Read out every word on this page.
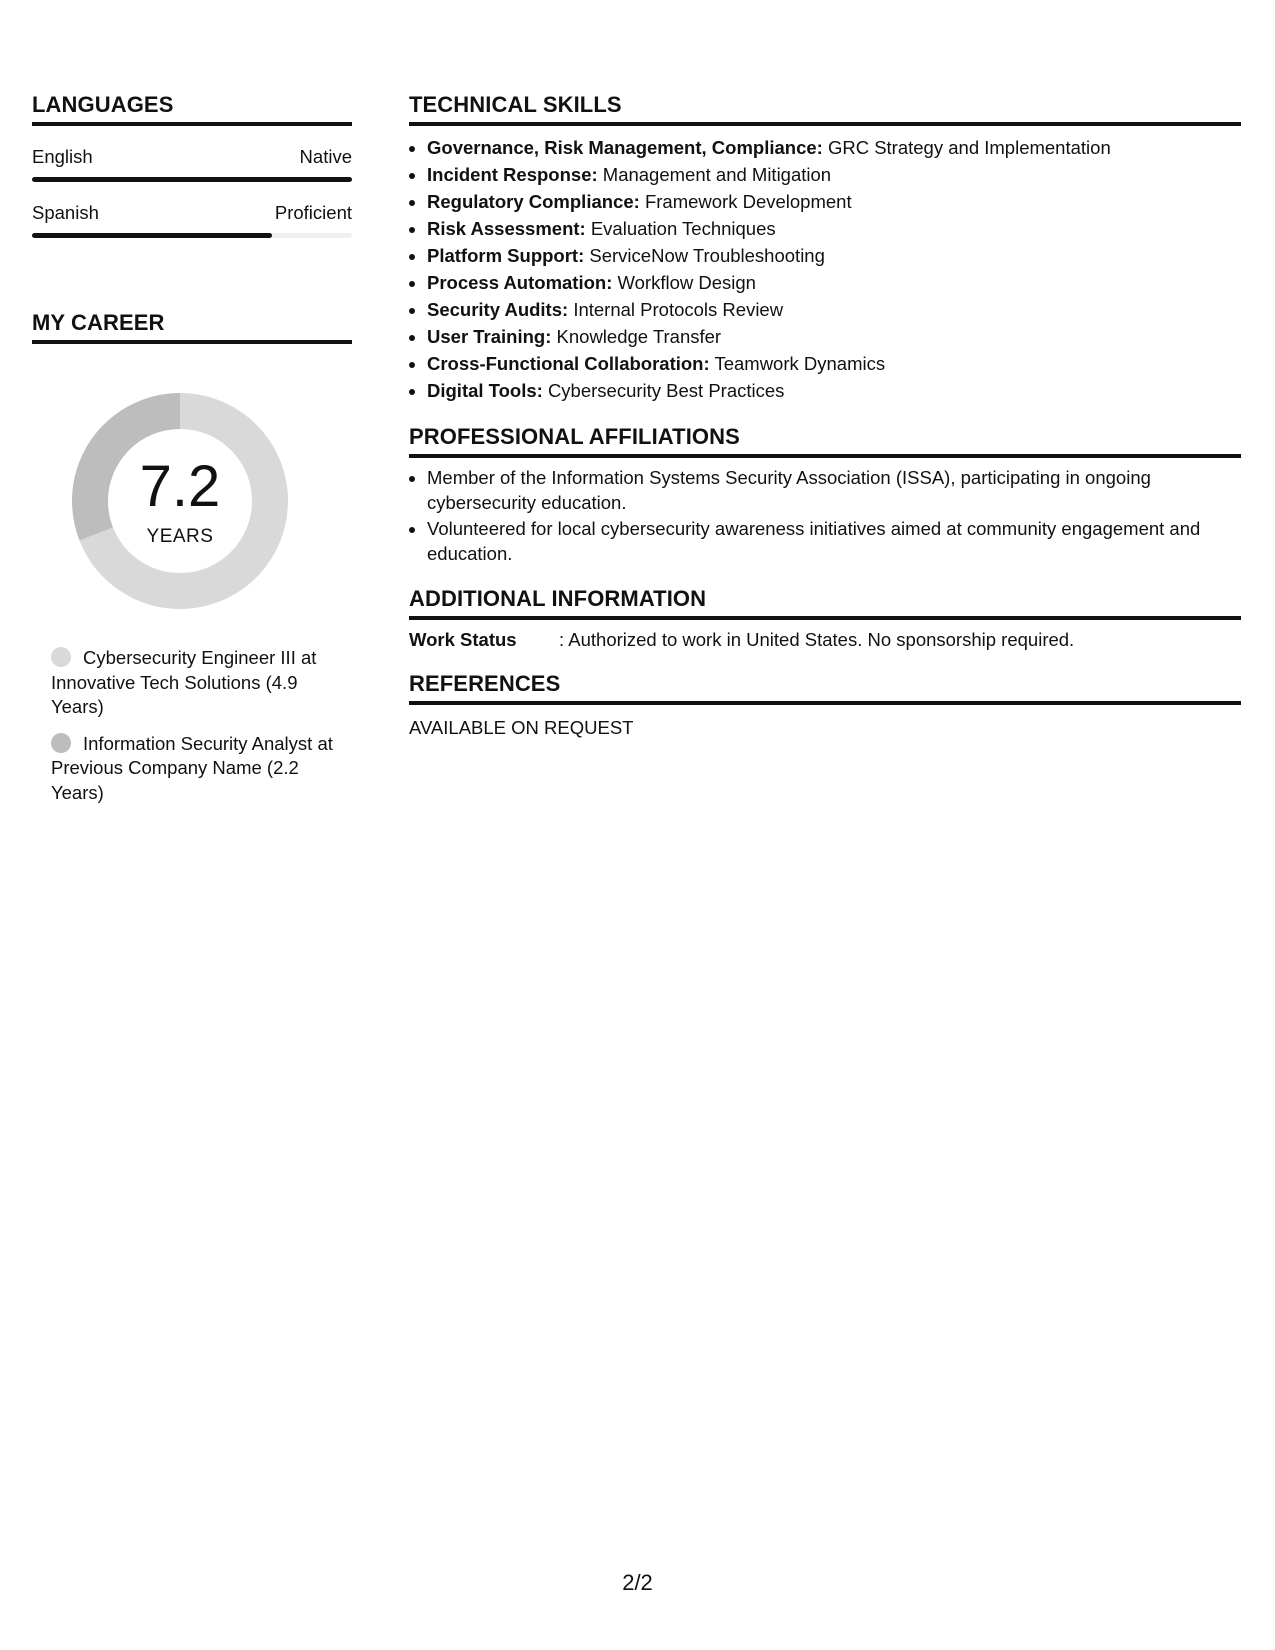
LANGUAGES
English	Native
Spanish	Proficient
MY CAREER
7.2
YEARS
Cybersecurity Engineer III at Innovative Tech Solutions (4.9 Years)
Information Security Analyst at Previous Company Name (2.2 Years)
TECHNICAL SKILLS
• Governance, Risk Management, Compliance: GRC Strategy and Implementation
• Incident Response: Management and Mitigation
• Regulatory Compliance: Framework Development
• Risk Assessment: Evaluation Techniques
• Platform Support: ServiceNow Troubleshooting
• Process Automation: Workflow Design
• Security Audits: Internal Protocols Review
• User Training: Knowledge Transfer
• Cross-Functional Collaboration: Teamwork Dynamics
• Digital Tools: Cybersecurity Best Practices
PROFESSIONAL AFFILIATIONS
• Member of the Information Systems Security Association (ISSA), participating in ongoing cybersecurity education.
• Volunteered for local cybersecurity awareness initiatives aimed at community engagement and education.
ADDITIONAL INFORMATION
Work Status	: Authorized to work in United States. No sponsorship required.
REFERENCES
AVAILABLE ON REQUEST
2/2
